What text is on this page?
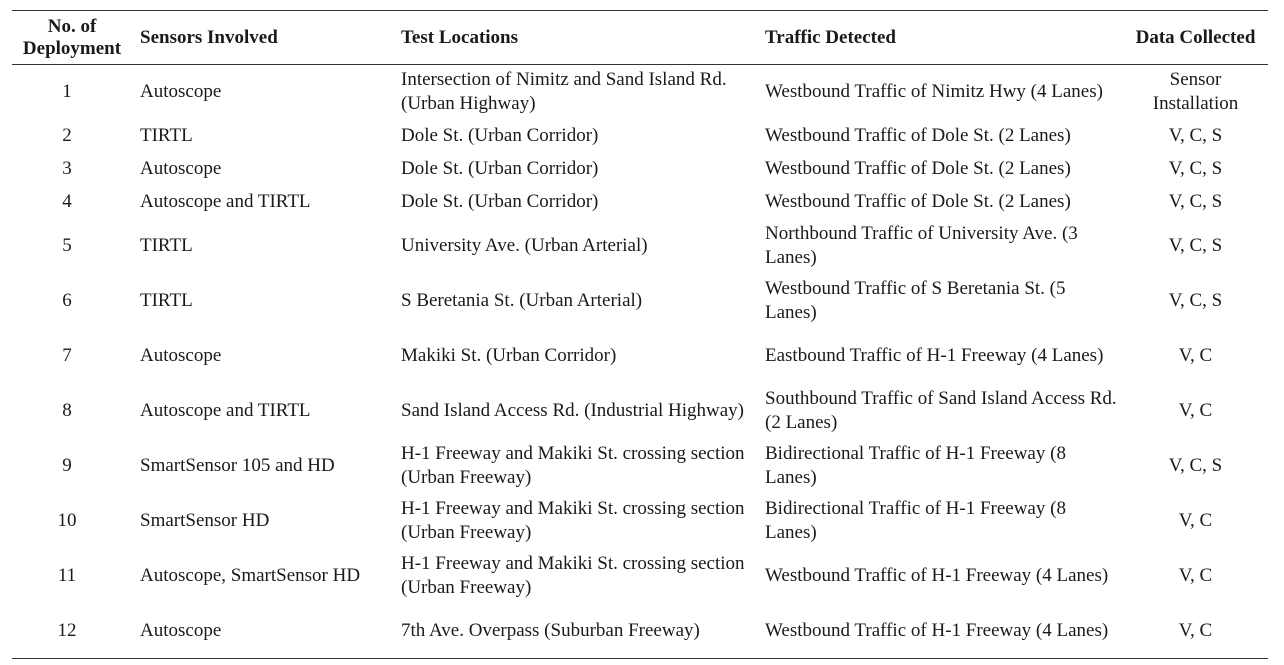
No. of Deployment	Sensors Involved	Test Locations	Traffic Detected	Data Collected
1	Autoscope	Intersection of Nimitz and Sand Island Rd. (Urban Highway)	Westbound Traffic of Nimitz Hwy (4 Lanes)	Sensor Installation
2	TIRTL	Dole St. (Urban Corridor)	Westbound Traffic of Dole St. (2 Lanes)	V, C, S
3	Autoscope	Dole St. (Urban Corridor)	Westbound Traffic of Dole St. (2 Lanes)	V, C, S
4	Autoscope and TIRTL	Dole St. (Urban Corridor)	Westbound Traffic of Dole St. (2 Lanes)	V, C, S
5	TIRTL	University Ave. (Urban Arterial)	Northbound Traffic of University Ave. (3 Lanes)	V, C, S
6	TIRTL	S Beretania St. (Urban Arterial)	Westbound Traffic of S Beretania St. (5 Lanes)	V, C, S
7	Autoscope	Makiki St. (Urban Corridor)	Eastbound Traffic of H-1 Freeway (4 Lanes)	V, C
8	Autoscope and TIRTL	Sand Island Access Rd. (Industrial Highway)	Southbound Traffic of Sand Island Access Rd. (2 Lanes)	V, C
9	SmartSensor 105 and HD	H-1 Freeway and Makiki St. crossing section (Urban Freeway)	Bidirectional Traffic of H-1 Freeway (8 Lanes)	V, C, S
10	SmartSensor HD	H-1 Freeway and Makiki St. crossing section (Urban Freeway)	Bidirectional Traffic of H-1 Freeway (8 Lanes)	V, C
11	Autoscope, SmartSensor HD	H-1 Freeway and Makiki St. crossing section (Urban Freeway)	Westbound Traffic of H-1 Freeway (4 Lanes)	V, C
12	Autoscope	7th Ave. Overpass (Suburban Freeway)	Westbound Traffic of H-1 Freeway (4 Lanes)	V, C
